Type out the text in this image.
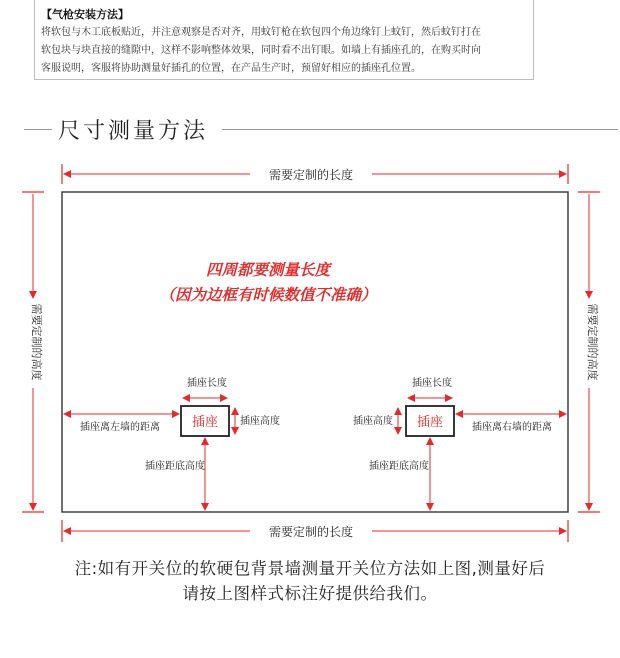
【气枪安装方法】
将软包与木工底板贴近，并注意观察是否对齐，用蚊钉枪在软包四个角边缘钉上蚊钉，然后蚊钉打在
软包块与块直接的缝隙中，这样不影响整体效果，同时看不出钉眼。如墙上有插座孔的，在购买时向
客服说明，客服将协助测量好插孔的位置，在产品生产时，预留好相应的插座孔位置。
尺寸测量方法
需要定制的长度
需要定制的长度
需要定制的高度	需要定制的高度
四周都要测量长度
（因为边框有时候数值不准确）
插座
插座长度
插座高度
插座离左墙的距离
插座距底高度
插座
插座长度
插座高度
插座离右墙的距离
插座距底高度
注:如有开关位的软硬包背景墙测量开关位方法如上图,测量好后
请按上图样式标注好提供给我们。
